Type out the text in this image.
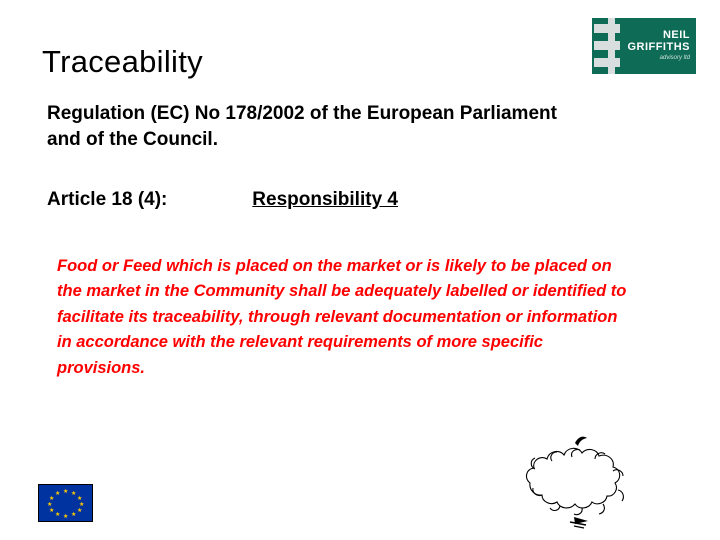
NEIL
GRIFFITHS
advisory ltd
Traceability
Regulation (EC) No 178/2002 of the European Parliament and of the Council.
Article 18 (4):	Responsibility 4
Food or Feed which is placed on the market or is likely to be placed on the market in the Community shall be adequately labelled or identified to facilitate its traceability, through relevant documentation or information in accordance with the relevant requirements of more specific provisions.
★ ★
★
★
★
★
★
★
★
★
★
★
